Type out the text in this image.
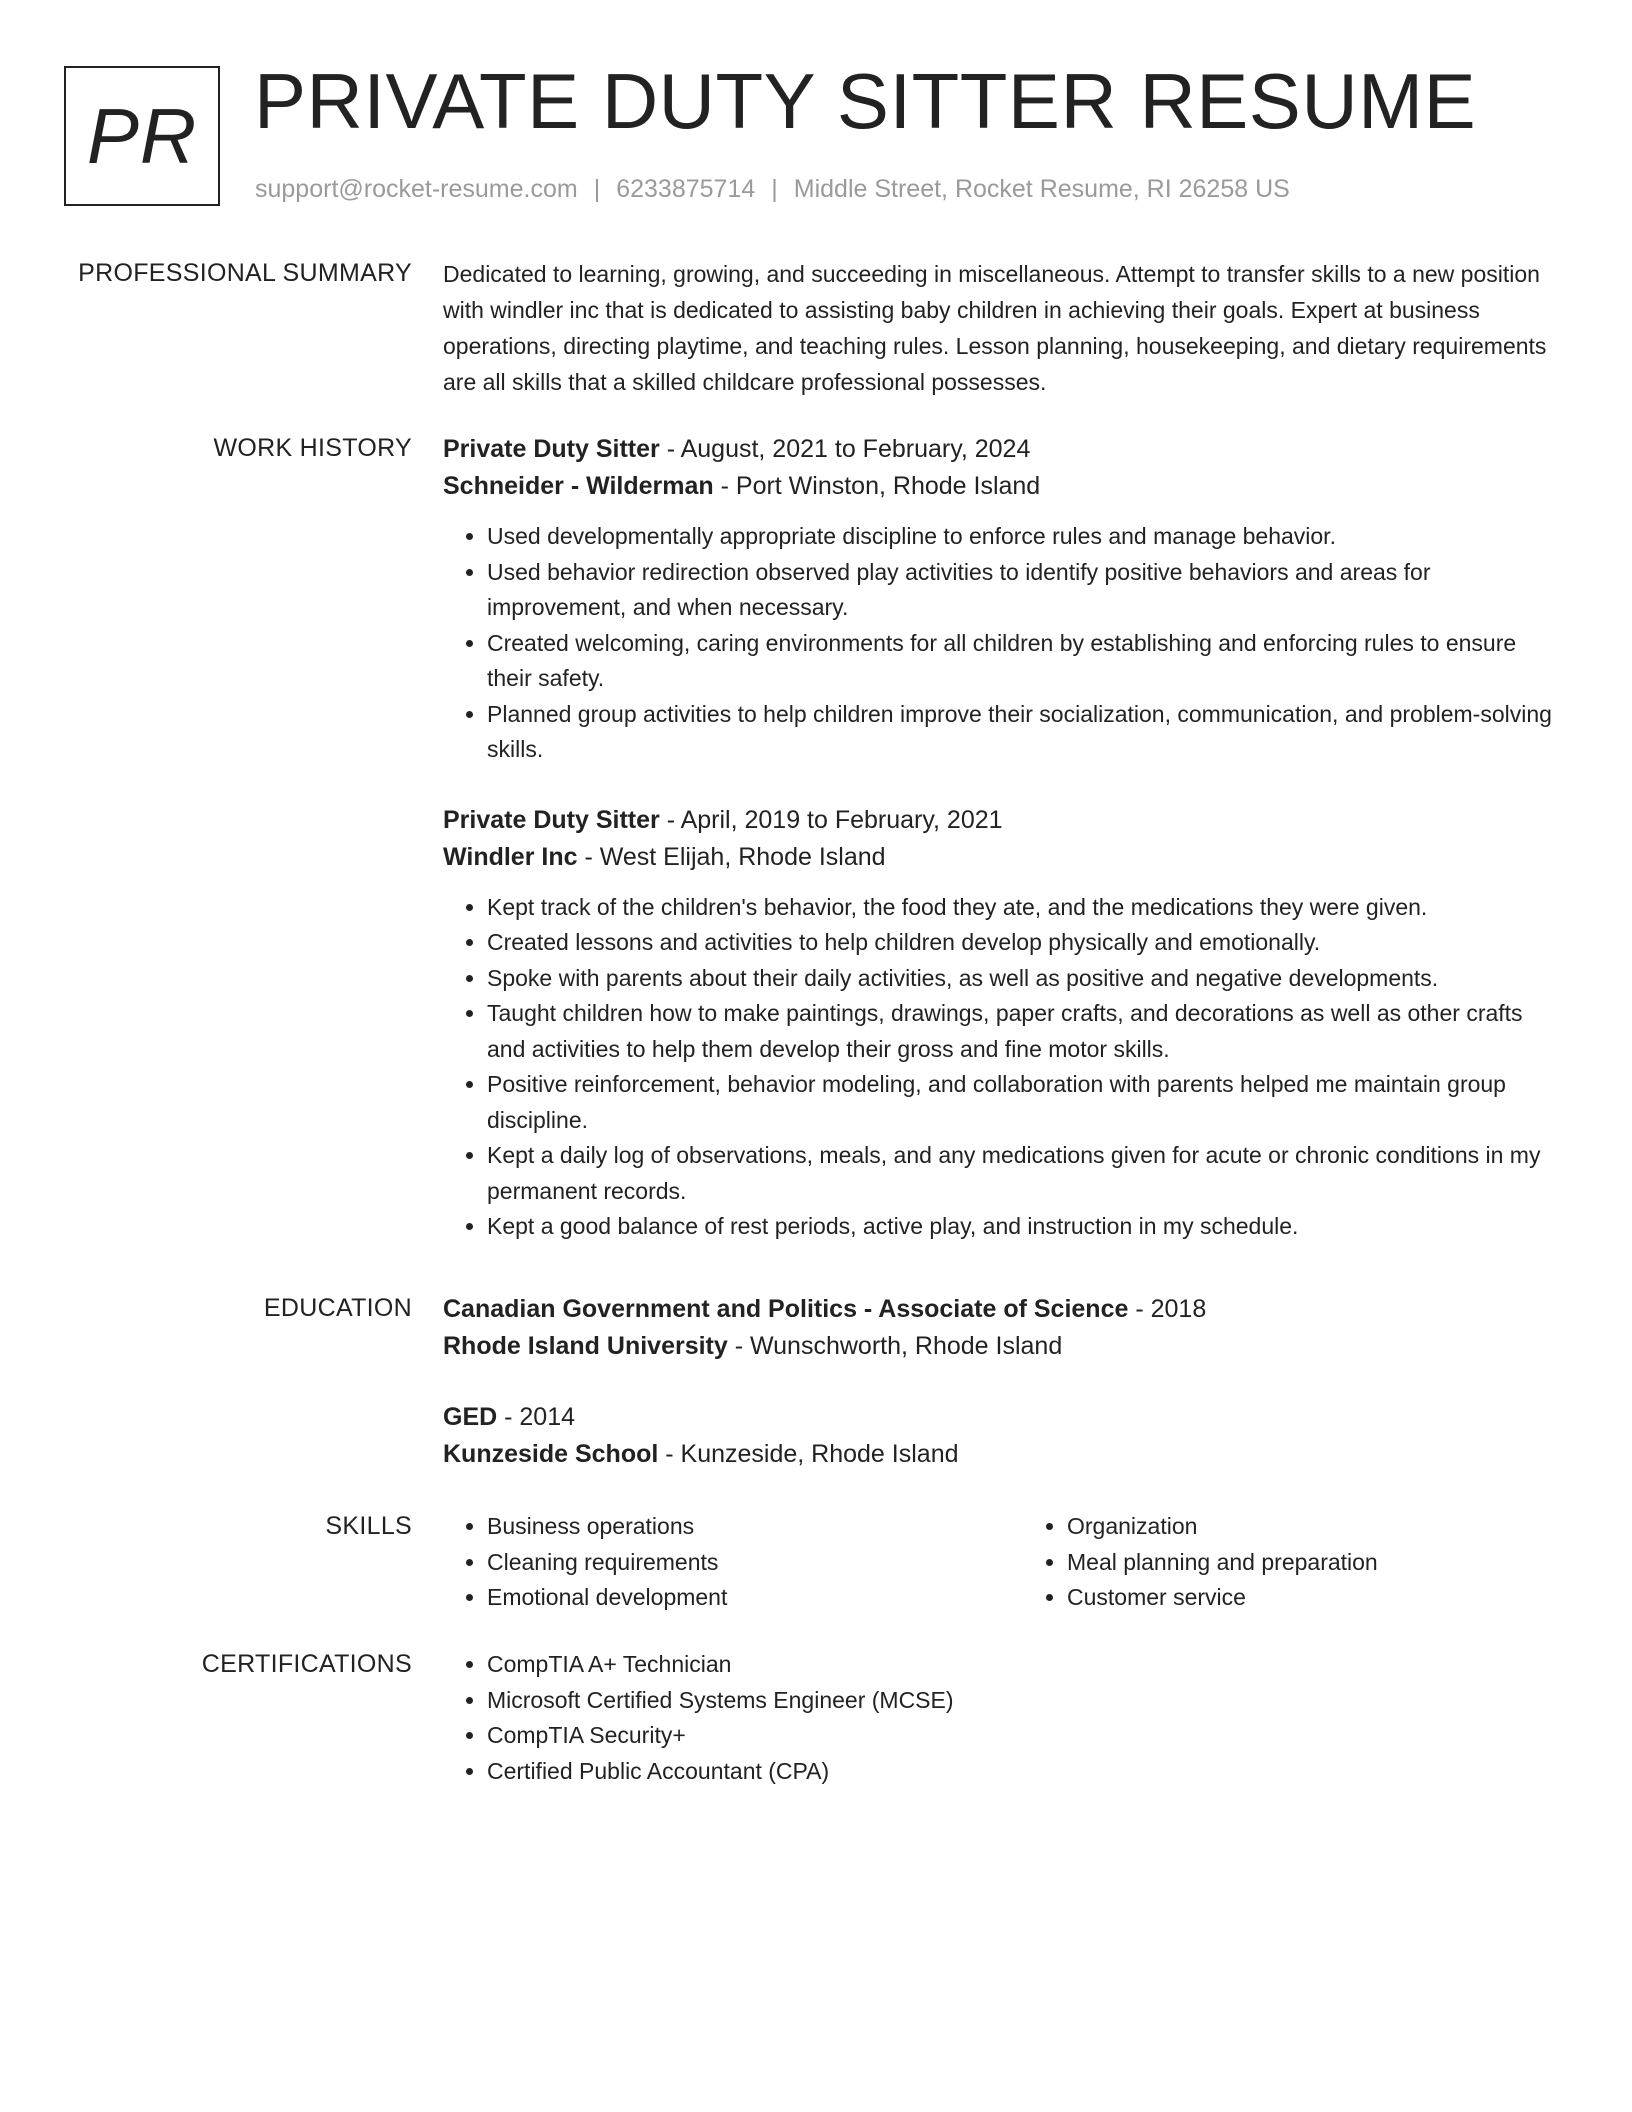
PR PRIVATE DUTY SITTER RESUME
support@rocket-resume.com | 6233875714 | Middle Street, Rocket Resume, RI 26258 US
PROFESSIONAL SUMMARY Dedicated to learning, growing, and succeeding in miscellaneous. Attempt to transfer skills to a new position with windler inc that is dedicated to assisting baby children in achieving their goals. Expert at business operations, directing playtime, and teaching rules. Lesson planning, housekeeping, and dietary requirements are all skills that a skilled childcare professional possesses.

WORK HISTORY Private Duty Sitter - August, 2021 to February, 2024
Schneider - Wilderman - Port Winston, Rhode Island
• Used developmentally appropriate discipline to enforce rules and manage behavior.
• Used behavior redirection observed play activities to identify positive behaviors and areas for improvement, and when necessary.
• Created welcoming, caring environments for all children by establishing and enforcing rules to ensure their safety.
• Planned group activities to help children improve their socialization, communication, and problem-solving skills.
Private Duty Sitter - April, 2019 to February, 2021
Windler Inc - West Elijah, Rhode Island
• Kept track of the children's behavior, the food they ate, and the medications they were given.
• Created lessons and activities to help children develop physically and emotionally.
• Spoke with parents about their daily activities, as well as positive and negative developments.
• Taught children how to make paintings, drawings, paper crafts, and decorations as well as other crafts and activities to help them develop their gross and fine motor skills.
• Positive reinforcement, behavior modeling, and collaboration with parents helped me maintain group discipline.
• Kept a daily log of observations, meals, and any medications given for acute or chronic conditions in my permanent records.
• Kept a good balance of rest periods, active play, and instruction in my schedule.
EDUCATION Canadian Government and Politics - Associate of Science - 2018
Rhode Island University - Wunschworth, Rhode Island
GED - 2014
Kunzeside School - Kunzeside, Rhode Island
SKILLS	• Business operations
• Cleaning requirements
• Emotional development
• Organization
• Meal planning and preparation
• Customer service
CERTIFICATIONS	• CompTIA A+ Technician
• Microsoft Certified Systems Engineer (MCSE)
• CompTIA Security+
• Certified Public Accountant (CPA)
